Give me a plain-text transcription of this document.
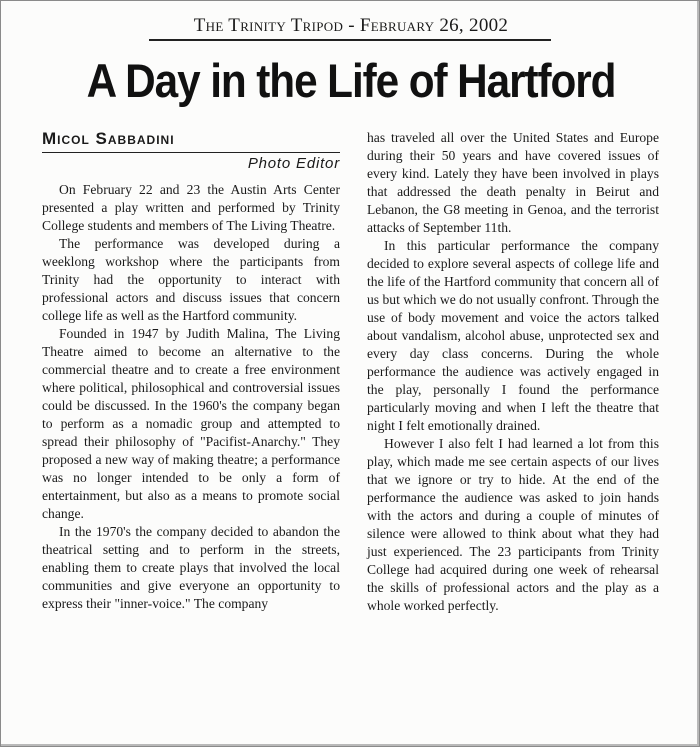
The Trinity Tripod - February 26, 2002
A Day in the Life of Hartford
Micol Sabbadini
Photo Editor

On February 22 and 23 the Austin Arts Center presented a play written and performed by Trinity College students and members of The Living Theatre.

The performance was developed during a weeklong workshop where the participants from Trinity had the opportunity to interact with professional actors and discuss issues that concern college life as well as the Hartford community.

Founded in 1947 by Judith Malina, The Living Theatre aimed to become an alternative to the commercial theatre and to create a free environment where political, philosophical and controversial issues could be discussed. In the 1960's the company began to perform as a nomadic group and attempted to spread their philosophy of "Pacifist-Anarchy." They proposed a new way of making theatre; a performance was no longer intended to be only a form of entertainment, but also as a means to promote social change.

In the 1970's the company decided to abandon the theatrical setting and to perform in the streets, enabling them to create plays that involved the local communities and give everyone an opportunity to express their "inner-voice." The company

has traveled all over the United States and Europe during their 50 years and have covered issues of every kind. Lately they have been involved in plays that addressed the death penalty in Beirut and Lebanon, the G8 meeting in Genoa, and the terrorist attacks of September 11th.

In this particular performance the company decided to explore several aspects of college life and the life of the Hartford community that concern all of us but which we do not usually confront. Through the use of body movement and voice the actors talked about vandalism, alcohol abuse, unprotected sex and every day class concerns. During the whole performance the audience was actively engaged in the play, personally I found the performance particularly moving and when I left the theatre that night I felt emotionally drained.

However I also felt I had learned a lot from this play, which made me see certain aspects of our lives that we ignore or try to hide. At the end of the performance the audience was asked to join hands with the actors and during a couple of minutes of silence were allowed to think about what they had just experienced. The 23 participants from Trinity College had acquired during one week of rehearsal the skills of professional actors and the play as a whole worked perfectly.
